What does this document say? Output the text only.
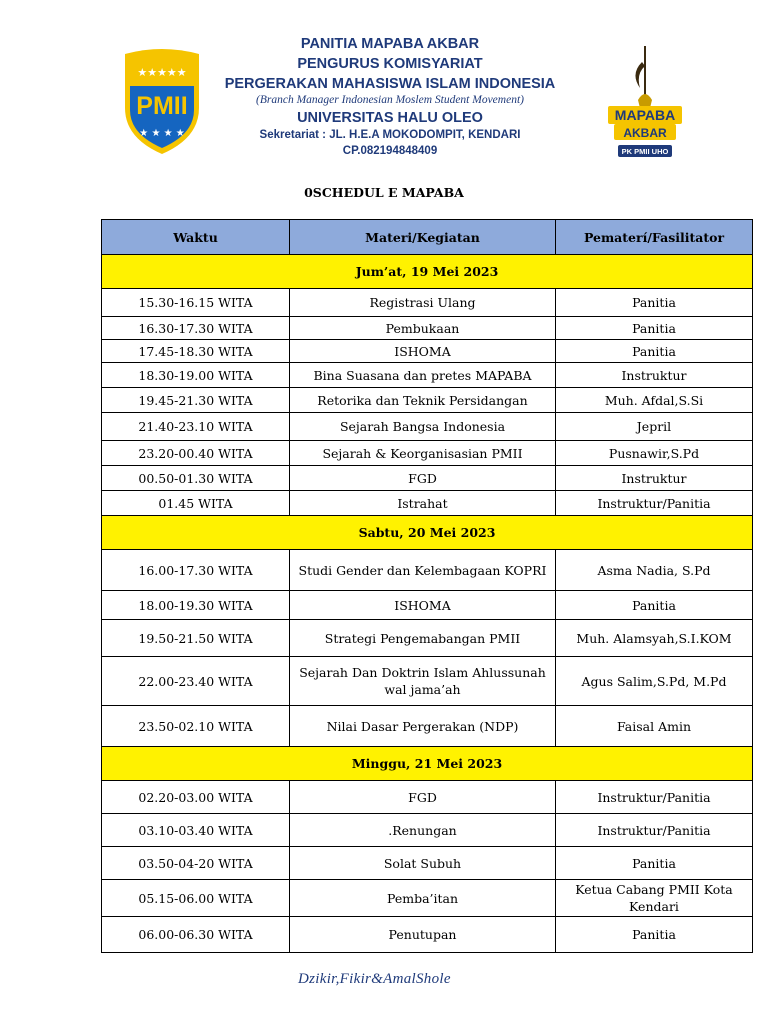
★★★★★
★ ★ ★ ★
PMII
PANITIA MAPABA AKBAR
PENGURUS KOMISYARIAT
PERGERAKAN MAHASISWA ISLAM INDONESIA
(Branch Manager Indonesian Moslem Student Movement)
UNIVERSITAS HALU OLEO
Sekretariat : JL. H.E.A MOKODOMPIT, KENDARI
CP.082194848409
MAPABA
AKBAR
PK PMII UHO
0SCHEDUL E MAPABA
Waktu	Materi/Kegiatan	Pematerí/Fasilitator
Jum’at, 19 Mei 2023		
15.30-16.15 WITA	Registrasi Ulang	Panitia
16.30-17.30 WITA	Pembukaan	Panitia
17.45-18.30 WITA	ISHOMA	Panitia
18.30-19.00 WITA	Bina Suasana dan pretes MAPABA	Instruktur
19.45-21.30 WITA	Retorika dan Teknik Persidangan	Muh. Afdal,S.Si
21.40-23.10 WITA	Sejarah Bangsa Indonesia	Jepril
23.20-00.40 WITA	Sejarah & Keorganisasian PMII	Pusnawir,S.Pd
00.50-01.30 WITA	FGD	Instruktur
01.45 WITA	Istrahat	Instruktur/Panitia
Sabtu, 20 Mei 2023		
16.00-17.30 WITA	Studi Gender dan Kelembagaan KOPRI	Asma Nadia, S.Pd
18.00-19.30 WITA	ISHOMA	Panitia
19.50-21.50 WITA	Strategi Pengemabangan PMII	Muh. Alamsyah,S.I.KOM
22.00-23.40 WITA	Sejarah Dan Doktrin Islam Ahlussunah wal jama’ah	Agus Salim,S.Pd, M.Pd
23.50-02.10 WITA	Nilai Dasar Pergerakan (NDP)	Faisal Amin
Minggu, 21 Mei 2023		
02.20-03.00 WITA	FGD	Instruktur/Panitia
03.10-03.40 WITA	.Renungan	Instruktur/Panitia
03.50-04-20 WITA	Solat Subuh	Panitia
05.15-06.00 WITA	Pemba’itan	Ketua Cabang PMII Kota Kendari
06.00-06.30 WITA	Penutupan	Panitia
Dzikir,Fikir&AmalShole
